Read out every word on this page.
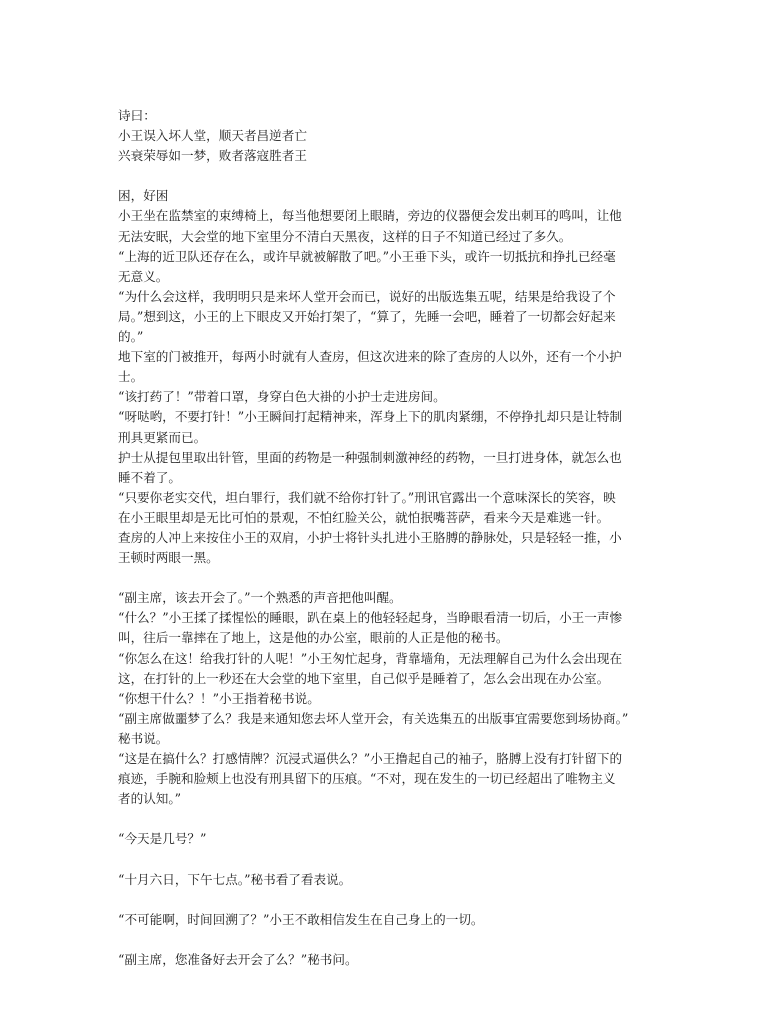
诗曰：
小王误入坏人堂，顺天者昌逆者亡
兴衰荣辱如一梦，败者落寇胜者王
困，好困
小王坐在监禁室的束缚椅上，每当他想要闭上眼睛，旁边的仪器便会发出刺耳的鸣叫，让他
无法安眠，大会堂的地下室里分不清白天黑夜，这样的日子不知道已经过了多久。
“上海的近卫队还存在么，或许早就被解散了吧。”小王垂下头，或许一切抵抗和挣扎已经毫
无意义。
“为什么会这样，我明明只是来坏人堂开会而已，说好的出版选集五呢，结果是给我设了个
局。”想到这，小王的上下眼皮又开始打架了，“算了，先睡一会吧，睡着了一切都会好起来
的。”
地下室的门被推开，每两小时就有人查房，但这次进来的除了查房的人以外，还有一个小护
士。
“该打药了！”带着口罩，身穿白色大褂的小护士走进房间。
“呀哒哟，不要打针！”小王瞬间打起精神来，浑身上下的肌肉紧绷，不停挣扎却只是让特制
刑具更紧而已。
护士从提包里取出针管，里面的药物是一种强制刺激神经的药物，一旦打进身体，就怎么也
睡不着了。
“只要你老实交代，坦白罪行，我们就不给你打针了。”刑讯官露出一个意味深长的笑容，映
在小王眼里却是无比可怕的景观，不怕红脸关公，就怕抿嘴菩萨，看来今天是难逃一针。
查房的人冲上来按住小王的双肩，小护士将针头扎进小王胳膊的静脉处，只是轻轻一推，小
王顿时两眼一黑。
“副主席，该去开会了。”一个熟悉的声音把他叫醒。
“什么？”小王揉了揉惺忪的睡眼，趴在桌上的他轻轻起身，当睁眼看清一切后，小王一声惨
叫，往后一靠摔在了地上，这是他的办公室，眼前的人正是他的秘书。
“你怎么在这！给我打针的人呢！”小王匆忙起身，背靠墙角，无法理解自己为什么会出现在
这，在打针的上一秒还在大会堂的地下室里，自己似乎是睡着了，怎么会出现在办公室。
“你想干什么？！”小王指着秘书说。
“副主席做噩梦了么？我是来通知您去坏人堂开会，有关选集五的出版事宜需要您到场协商。”
秘书说。
“这是在搞什么？打感情牌？沉浸式逼供么？”小王撸起自己的袖子，胳膊上没有打针留下的
痕迹，手腕和脸颊上也没有刑具留下的压痕。“不对，现在发生的一切已经超出了唯物主义
者的认知。”
“今天是几号？”
“十月六日，下午七点。”秘书看了看表说。
“不可能啊，时间回溯了？”小王不敢相信发生在自己身上的一切。
“副主席，您准备好去开会了么？”秘书问。
